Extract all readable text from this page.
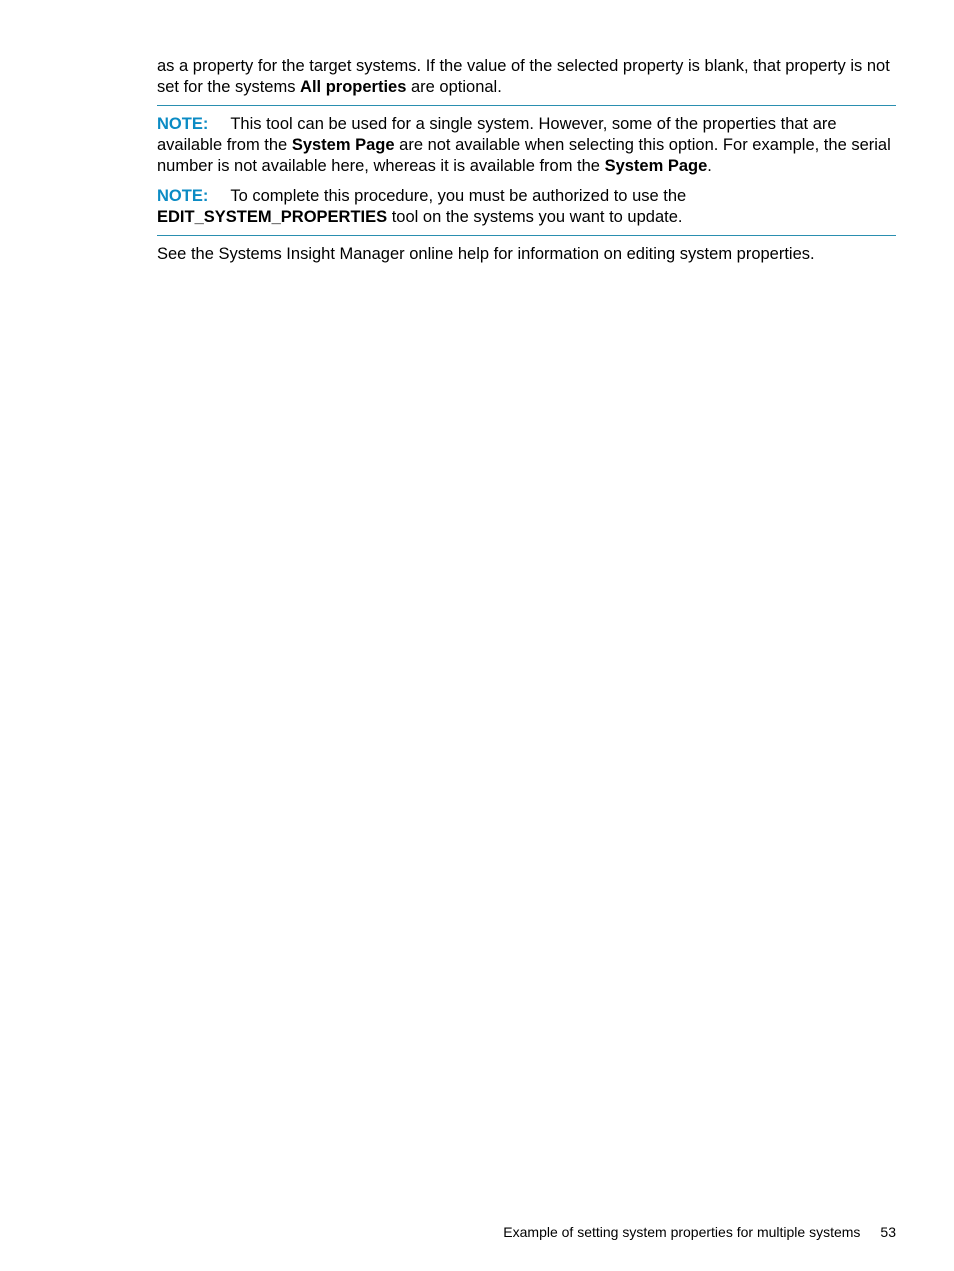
as a property for the target systems. If the value of the selected property is blank, that property is not set for the systems All properties are optional.

NOTE: This tool can be used for a single system. However, some of the properties that are available from the System Page are not available when selecting this option. For example, the serial number is not available here, whereas it is available from the System Page.

NOTE: To complete this procedure, you must be authorized to use the EDIT_SYSTEM_PROPERTIES tool on the systems you want to update.

See the Systems Insight Manager online help for information on editing system properties.

Example of setting system properties for multiple systems 53
